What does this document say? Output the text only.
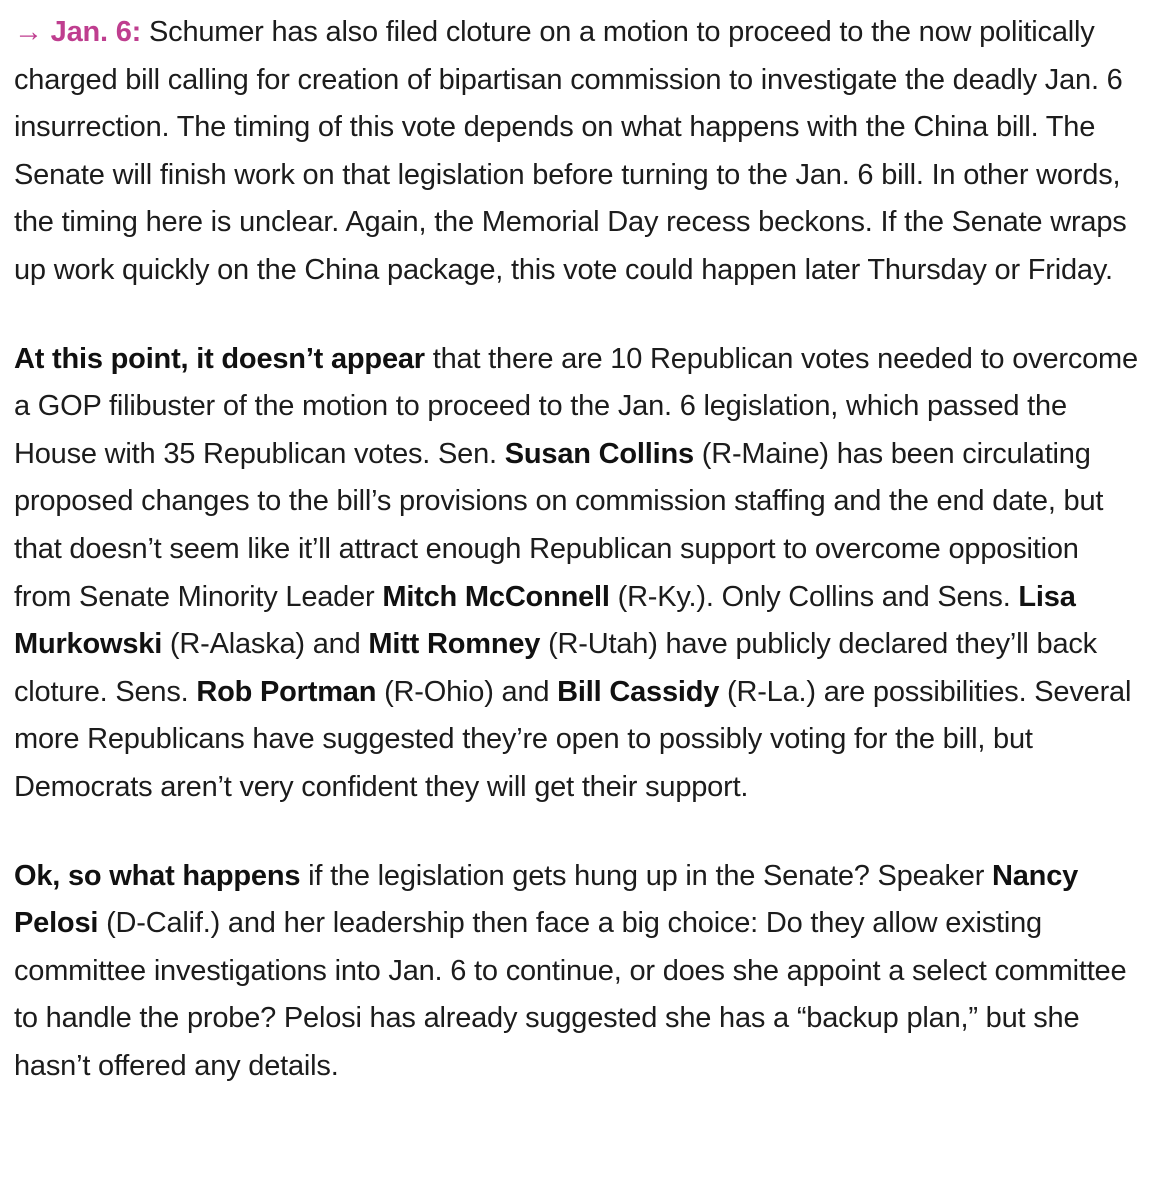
→ Jan. 6: Schumer has also filed cloture on a motion to proceed to the now politically charged bill calling for creation of bipartisan commission to investigate the deadly Jan. 6 insurrection. The timing of this vote depends on what happens with the China bill. The Senate will finish work on that legislation before turning to the Jan. 6 bill. In other words, the timing here is unclear. Again, the Memorial Day recess beckons. If the Senate wraps up work quickly on the China package, this vote could happen later Thursday or Friday.

At this point, it doesn’t appear that there are 10 Republican votes needed to overcome a GOP filibuster of the motion to proceed to the Jan. 6 legislation, which passed the House with 35 Republican votes. Sen. Susan Collins (R-Maine) has been circulating proposed changes to the bill’s provisions on commission staffing and the end date, but that doesn’t seem like it’ll attract enough Republican support to overcome opposition from Senate Minority Leader Mitch McConnell (R-Ky.). Only Collins and Sens. Lisa Murkowski (R-Alaska) and Mitt Romney (R-Utah) have publicly declared they’ll back cloture. Sens. Rob Portman (R-Ohio) and Bill Cassidy (R-La.) are possibilities. Several more Republicans have suggested they’re open to possibly voting for the bill, but Democrats aren’t very confident they will get their support.

Ok, so what happens if the legislation gets hung up in the Senate? Speaker Nancy Pelosi (D-Calif.) and her leadership then face a big choice: Do they allow existing committee investigations into Jan. 6 to continue, or does she appoint a select committee to handle the probe? Pelosi has already suggested she has a “backup plan,” but she hasn’t offered any details.
